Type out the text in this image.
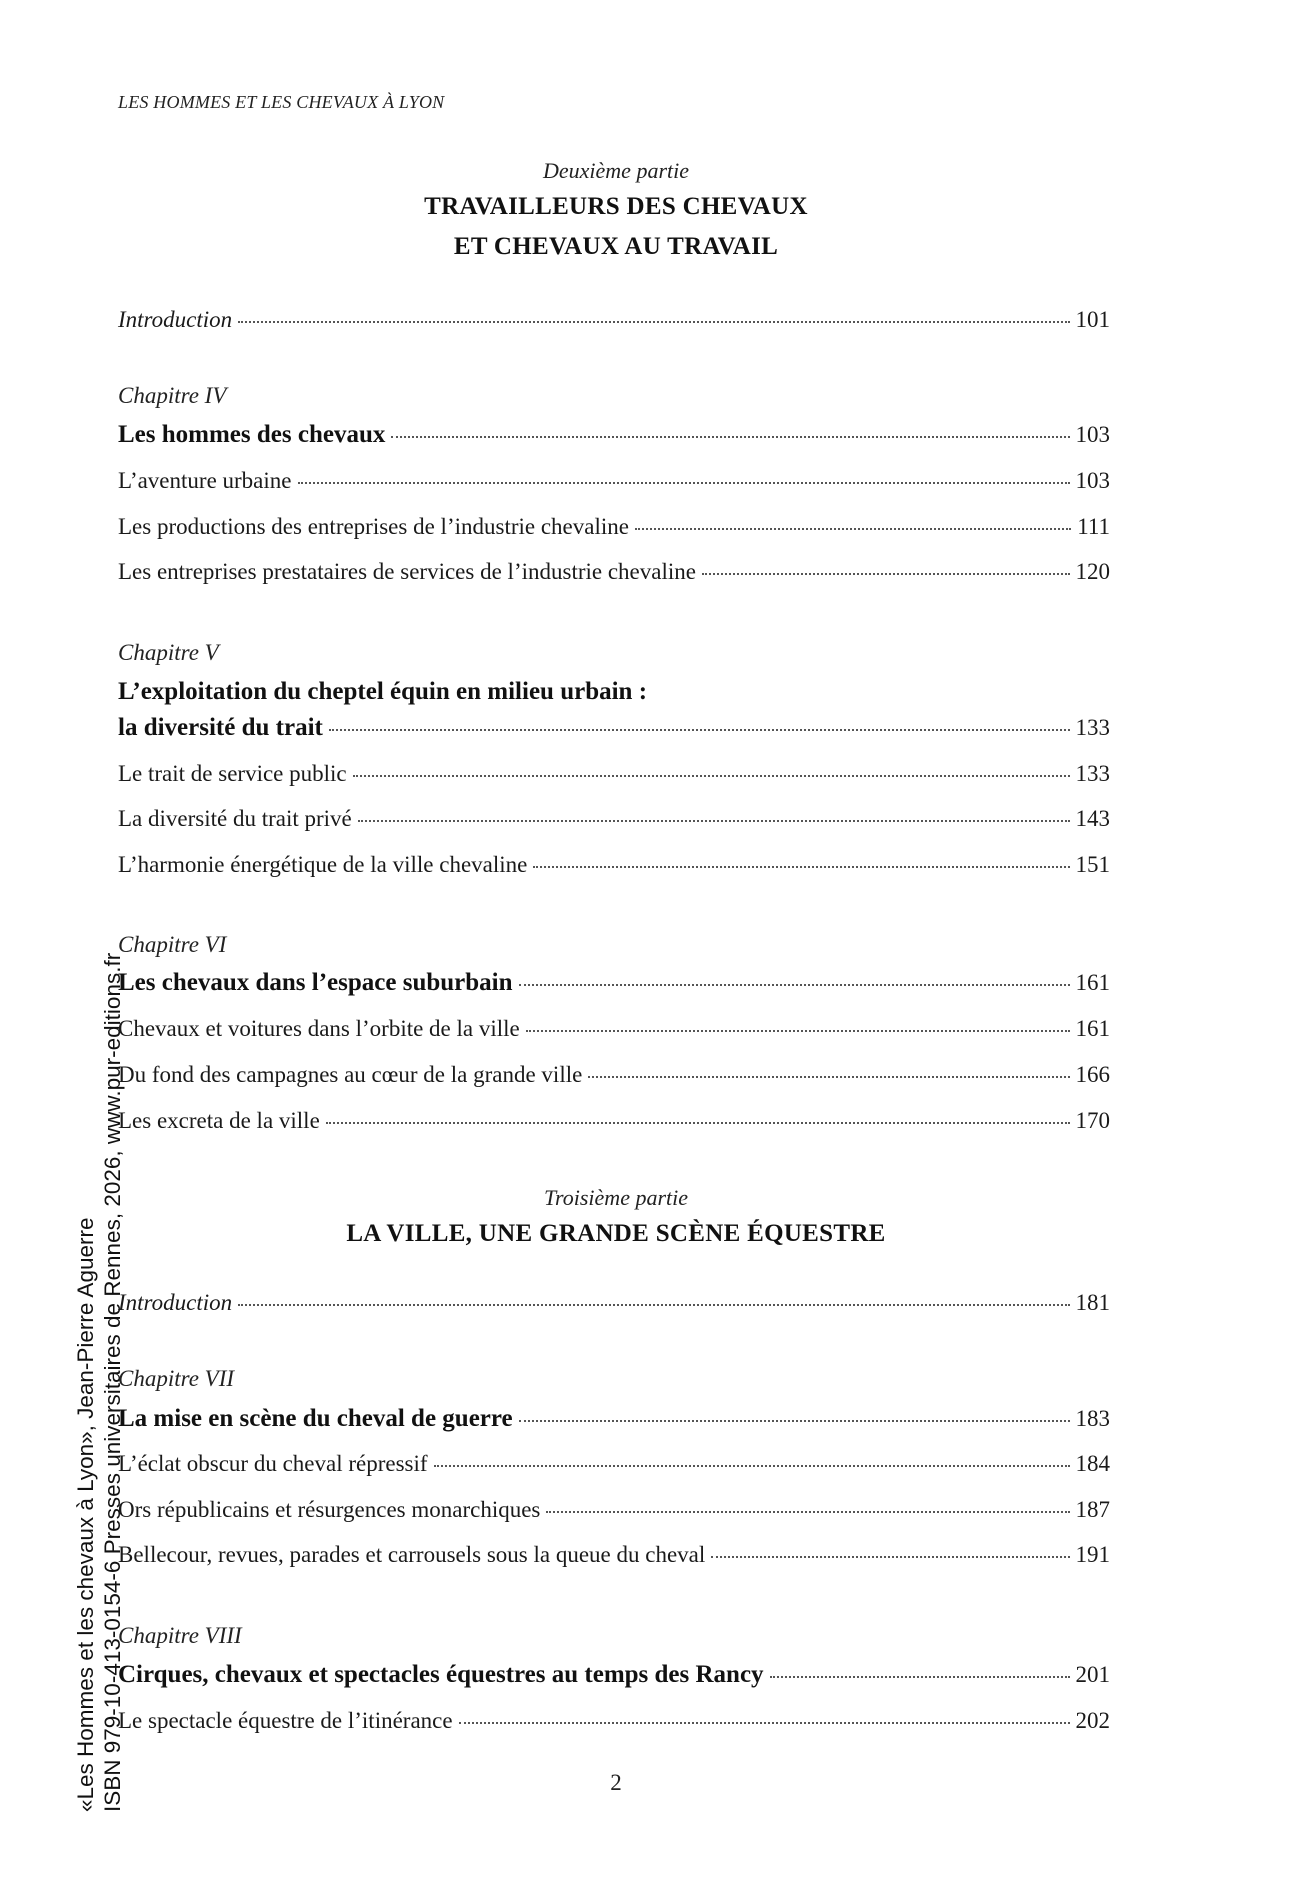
LES HOMMES ET LES CHEVAUX À LYON
«Les Hommes et les chevaux à Lyon», Jean-Pierre Aguerre ISBN 979-10-413-0154-6 Presses universitaires de Rennes, 2026, www.pur-editions.fr
Deuxième partie
TRAVAILLEURS DES CHEVAUX
ET CHEVAUX AU TRAVAIL
Introduction	101
Chapitre IV
Les hommes des chevaux	103
L’aventure urbaine	103
Les productions des entreprises de l’industrie chevaline	111
Les entreprises prestataires de services de l’industrie chevaline	120
Chapitre V
L’exploitation du cheptel équin en milieu urbain :
la diversité du trait	133
Le trait de service public	133
La diversité du trait privé	143
L’harmonie énergétique de la ville chevaline	151
Chapitre VI
Les chevaux dans l’espace suburbain	161
Chevaux et voitures dans l’orbite de la ville	161
Du fond des campagnes au cœur de la grande ville	166
Les excreta de la ville	170
Troisième partie
LA VILLE, UNE GRANDE SCÈNE ÉQUESTRE
Introduction	181
Chapitre VII
La mise en scène du cheval de guerre	183
L’éclat obscur du cheval répressif	184
Ors républicains et résurgences monarchiques	187
Bellecour, revues, parades et carrousels sous la queue du cheval	191
Chapitre VIII
Cirques, chevaux et spectacles équestres au temps des Rancy	201
Le spectacle équestre de l’itinérance	202
2
